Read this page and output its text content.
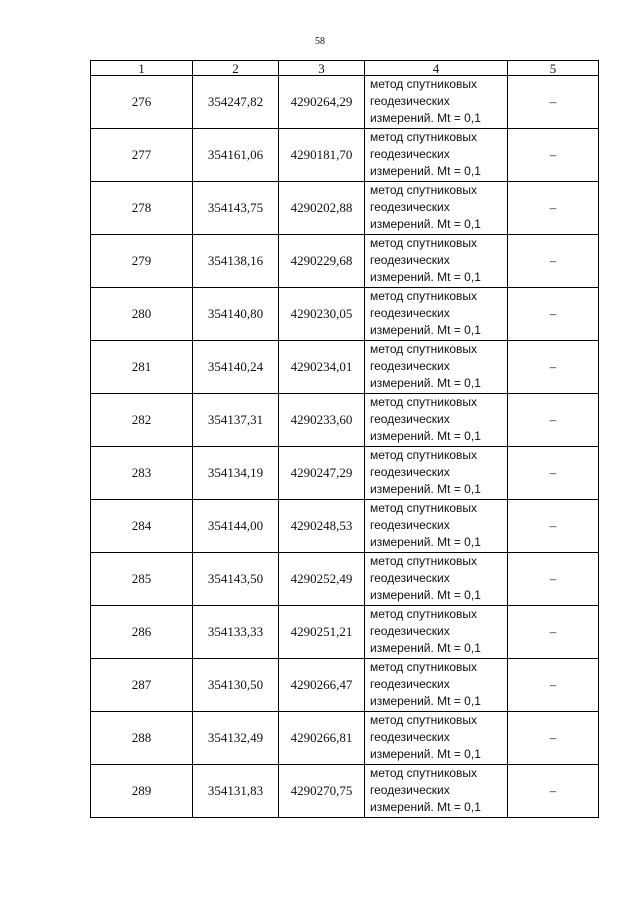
58
1	2	3	4	5
276	354247,82	4290264,29	метод спутниковых
геодезических
измерений. Mt = 0,1	–
277	354161,06	4290181,70	метод спутниковых
геодезических
измерений. Mt = 0,1	–
278	354143,75	4290202,88	метод спутниковых
геодезических
измерений. Mt = 0,1	–
279	354138,16	4290229,68	метод спутниковых
геодезических
измерений. Mt = 0,1	–
280	354140,80	4290230,05	метод спутниковых
геодезических
измерений. Mt = 0,1	–
281	354140,24	4290234,01	метод спутниковых
геодезических
измерений. Mt = 0,1	–
282	354137,31	4290233,60	метод спутниковых
геодезических
измерений. Mt = 0,1	–
283	354134,19	4290247,29	метод спутниковых
геодезических
измерений. Mt = 0,1	–
284	354144,00	4290248,53	метод спутниковых
геодезических
измерений. Mt = 0,1	–
285	354143,50	4290252,49	метод спутниковых
геодезических
измерений. Mt = 0,1	–
286	354133,33	4290251,21	метод спутниковых
геодезических
измерений. Mt = 0,1	–
287	354130,50	4290266,47	метод спутниковых
геодезических
измерений. Mt = 0,1	–
288	354132,49	4290266,81	метод спутниковых
геодезических
измерений. Mt = 0,1	–
289	354131,83	4290270,75	метод спутниковых
геодезических
измерений. Mt = 0,1	–
